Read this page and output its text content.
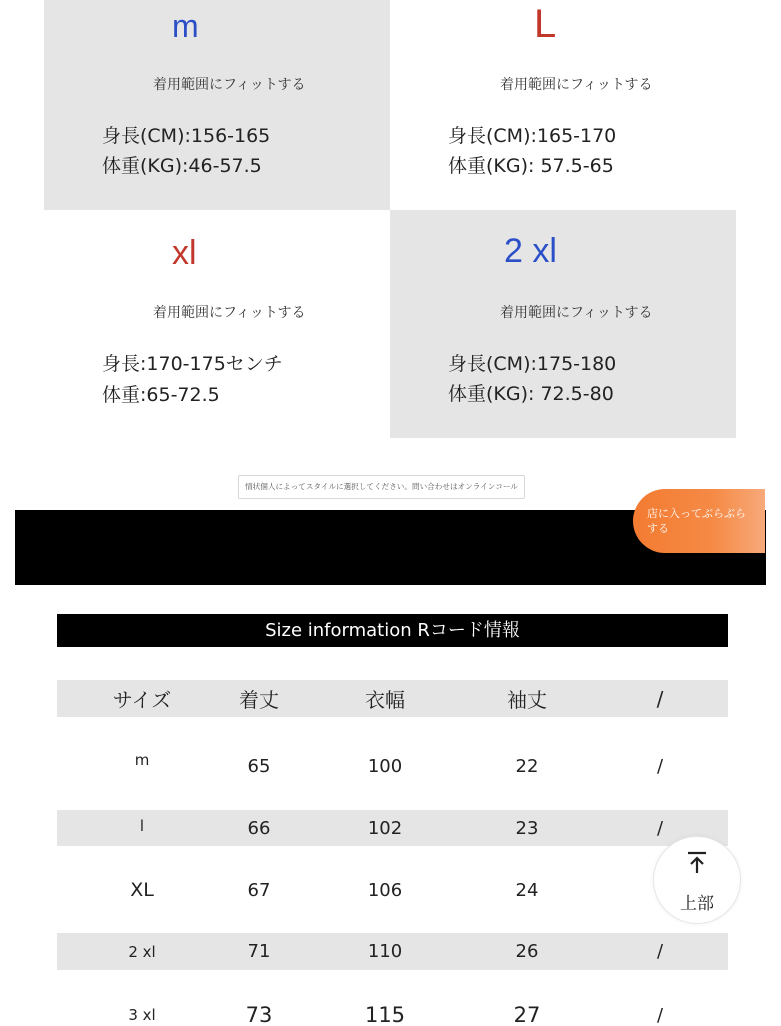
m
着用範囲にフィットする
身長(CM):156-165
体重(KG):46-57.5
L
着用範囲にフィットする
身長(CM):165-170
体重(KG): 57.5-65
xl
着用範囲にフィットする
身長:170-175センチ
体重:65-72.5
2 xl
着用範囲にフィットする
身長(CM):175-180
体重(KG): 72.5-80
情状個人によってスタイルに選択してください。問い合わせはオンラインコール
店に入ってぶらぶら
する
Size information Rコード情報
サイズ	着丈	衣幅	袖丈	/
m	65	100	22	/
l	66	102	23	/
XL	67	106	24
2 xl	71	110	26	/
3 xl	73	115	27	/
上部
